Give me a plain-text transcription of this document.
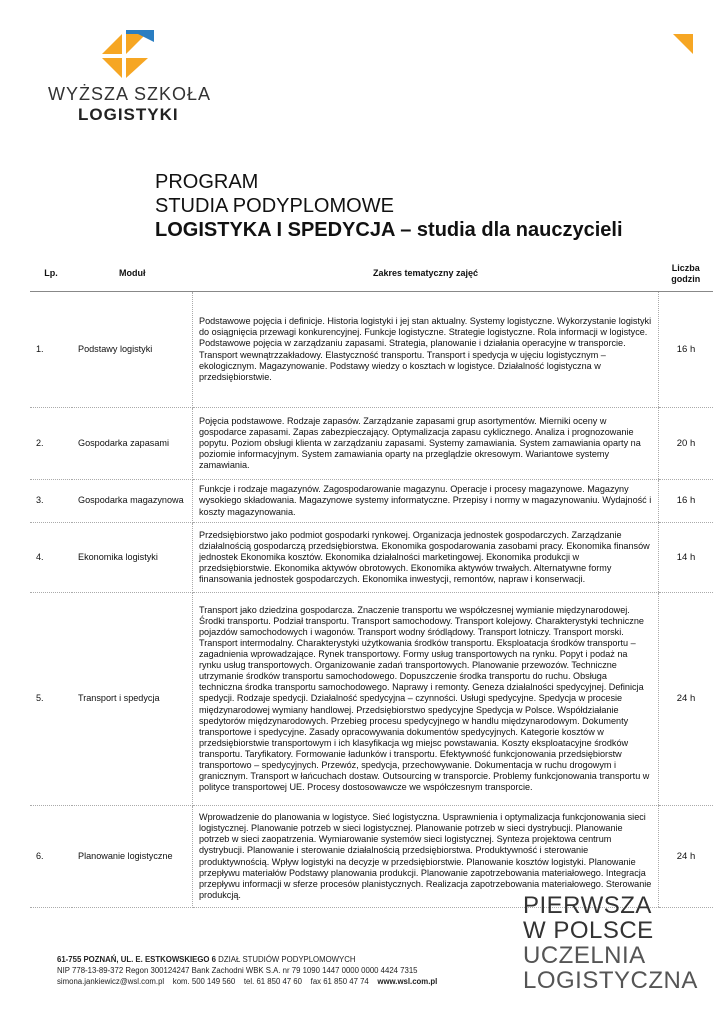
WYŻSZA SZKOŁA
LOGISTYKI
PROGRAM
STUDIA PODYPLOMOWE
LOGISTYKA I SPEDYCJA – studia dla nauczycieli
Lp.	Moduł	Zakres tematyczny zajęć	Liczba godzin
1.	Podstawy logistyki	Podstawowe pojęcia i definicje. Historia logistyki i jej stan aktualny. Systemy logistyczne. Wykorzystanie logistyki do osiągnięcia przewagi konkurencyjnej. Funkcje logistyczne. Strategie logistyczne. Rola informacji w logistyce. Podstawowe pojęcia w zarządzaniu zapasami. Strategia, planowanie i działania operacyjne w transporcie. Transport wewnątrzzakładowy. Elastyczność transportu. Transport i spedycja w ujęciu logistycznym – ekologicznym. Magazynowanie. Podstawy wiedzy o kosztach w logistyce. Działalność logistyczna w przedsiębiorstwie.	16 h
2.	Gospodarka zapasami	Pojęcia podstawowe. Rodzaje zapasów. Zarządzanie zapasami grup asortymentów. Mierniki oceny w gospodarce zapasami. Zapas zabezpieczający. Optymalizacja zapasu cyklicznego. Analiza i prognozowanie popytu. Poziom obsługi klienta w zarządzaniu zapasami. Systemy zamawiania. System zamawiania oparty na poziomie informacyjnym. System zamawiania oparty na przeglądzie okresowym. Wariantowe systemy zamawiania.	20 h
3.	Gospodarka magazynowa	Funkcje i rodzaje magazynów. Zagospodarowanie magazynu. Operacje i procesy magazynowe. Magazyny wysokiego składowania. Magazynowe systemy informatyczne. Przepisy i normy w magazynowaniu. Wydajność i koszty magazynowania.	16 h
4.	Ekonomika logistyki	Przedsiębiorstwo jako podmiot gospodarki rynkowej. Organizacja jednostek gospodarczych. Zarządzanie działalnością gospodarczą przedsiębiorstwa. Ekonomika gospodarowania zasobami pracy. Ekonomika finansów jednostek Ekonomika kosztów. Ekonomika działalności marketingowej. Ekonomika produkcji w przedsiębiorstwie. Ekonomika aktywów obrotowych. Ekonomika aktywów trwałych. Alternatywne formy finansowania jednostek gospodarczych. Ekonomika inwestycji, remontów, napraw i konserwacji.	14 h
5.	Transport i spedycja	Transport jako dziedzina gospodarcza. Znaczenie transportu we współczesnej wymianie międzynarodowej. Środki transportu. Podział transportu. Transport samochodowy. Transport kolejowy. Charakterystyki techniczne pojazdów samochodowych i wagonów. Transport wodny śródlądowy. Transport lotniczy. Transport morski. Transport intermodalny. Charakterystyki użytkowania środków transportu. Eksploatacja środków transportu – zagadnienia wprowadzające. Rynek transportowy. Formy usług transportowych na rynku. Popyt i podaż na rynku usług transportowych. Organizowanie zadań transportowych. Planowanie przewozów. Techniczne utrzymanie środków transportu samochodowego. Dopuszczenie środka transportu do ruchu. Obsługa techniczna środka transportu samochodowego. Naprawy i remonty. Geneza działalności spedycyjnej. Definicja spedycji. Rodzaje spedycji. Działalność spedycyjna – czynności. Usługi spedycyjne. Spedycja w procesie międzynarodowej wymiany handlowej. Przedsiębiorstwo spedycyjne Spedycja w Polsce. Współdziałanie spedytorów międzynarodowych. Przebieg procesu spedycyjnego w handlu międzynarodowym. Dokumenty transportowe i spedycyjne. Zasady opracowywania dokumentów spedycyjnych. Kategorie kosztów w przedsiębiorstwie transportowym i ich klasyfikacja wg miejsc powstawania. Koszty eksploatacyjne środków transportu. Taryfikatory. Formowanie ładunków i transportu. Efektywność funkcjonowania przedsiębiorstw transportowo – spedycyjnych. Przewóz, spedycja, przechowywanie. Dokumentacja w ruchu drogowym i granicznym. Transport w łańcuchach dostaw. Outsourcing w transporcie. Problemy funkcjonowania transportu w polityce transportowej UE. Procesy dostosowawcze we współczesnym transporcie.	24 h
6.	Planowanie logistyczne	Wprowadzenie do planowania w logistyce. Sieć logistyczna. Usprawnienia i optymalizacja funkcjonowania sieci logistycznej. Planowanie potrzeb w sieci logistycznej. Planowanie potrzeb w sieci dystrybucji. Planowanie potrzeb w sieci zaopatrzenia. Wymiarowanie systemów sieci logistycznej. Synteza projektowa centrum dystrybucji. Planowanie i sterowanie działalnością przedsiębiorstwa. Produktywność i sterowanie produktywnością. Wpływ logistyki na decyzje w przedsiębiorstwie. Planowanie kosztów logistyki. Planowanie przepływu materiałów Podstawy planowania produkcji. Planowanie zapotrzebowania materiałowego. Integracja przepływu informacji w sferze procesów planistycznych. Realizacja zapotrzebowania materiałowego. Sterowanie produkcją.	24 h
61-755 POZNAŃ, UL. E. ESTKOWSKIEGO 6 DZIAŁ STUDIÓW PODYPLOMOWYCH
NIP 778-13-89-372 Regon 300124247 Bank Zachodni WBK S.A. nr 79 1090 1447 0000 0000 4424 7315
simona.jankiewicz@wsl.com.pl    kom. 500 149 560    tel. 61 850 47 60    fax 61 850 47 74    www.wsl.com.pl
PIERWSZA
W POLSCE
UCZELNIA
LOGISTYCZNA
